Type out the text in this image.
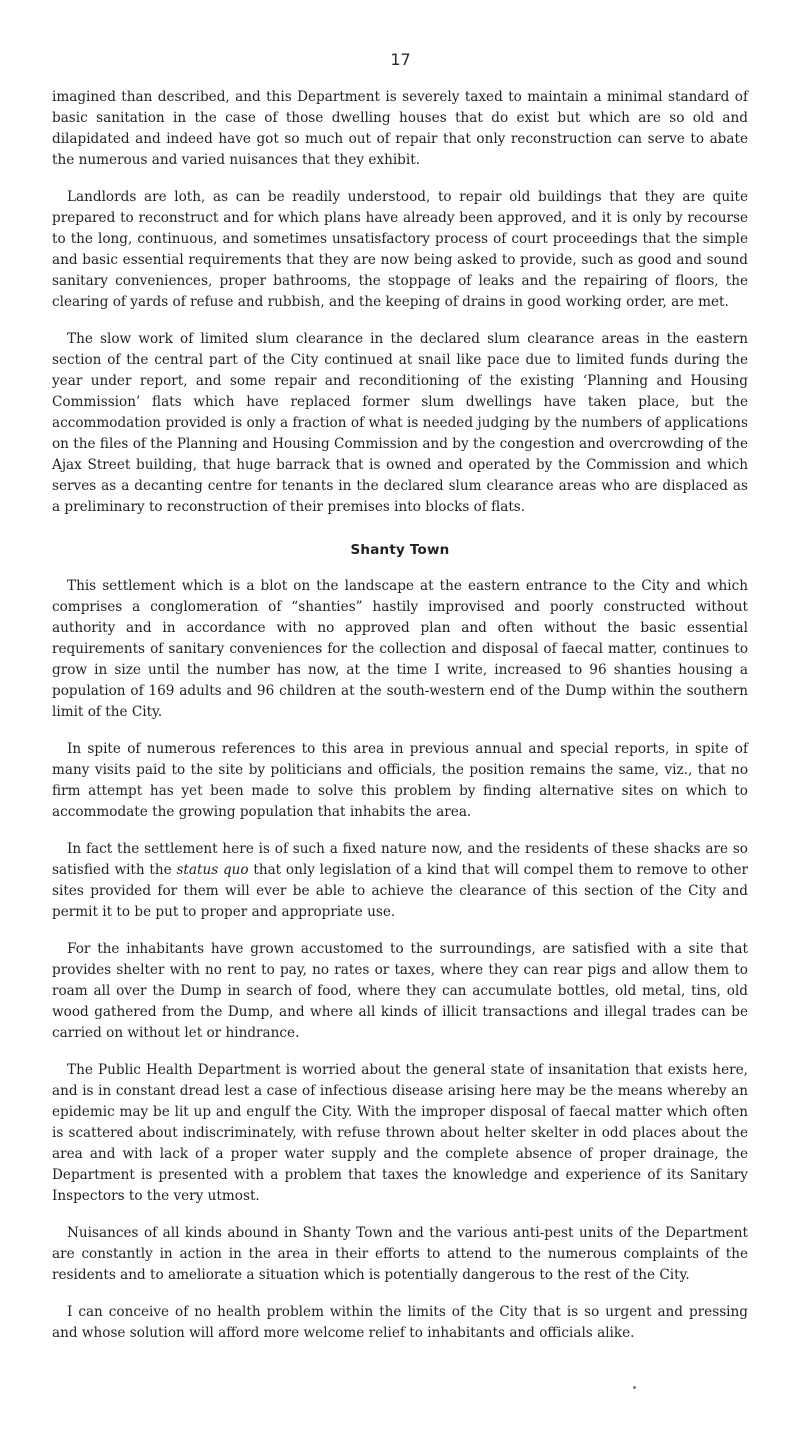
17

imagined than described, and this Department is severely taxed to maintain a minimal standard of basic sanitation in the case of those dwelling houses that do exist but which are so old and dilapidated and indeed have got so much out of repair that only reconstruction can serve to abate the numerous and varied nuisances that they exhibit.

Landlords are loth, as can be readily understood, to repair old buildings that they are quite prepared to reconstruct and for which plans have already been approved, and it is only by recourse to the long, continuous, and sometimes unsatisfactory process of court proceedings that the simple and basic essential requirements that they are now being asked to provide, such as good and sound sanitary conveniences, proper bathrooms, the stoppage of leaks and the repairing of floors, the clearing of yards of refuse and rubbish, and the keeping of drains in good working order, are met.

The slow work of limited slum clearance in the declared slum clearance areas in the eastern section of the central part of the City continued at snail like pace due to limited funds during the year under report, and some repair and reconditioning of the existing ‘Planning and Housing Commission’ flats which have replaced former slum dwellings have taken place, but the accommodation provided is only a fraction of what is needed judging by the numbers of applications on the files of the Planning and Housing Commission and by the congestion and overcrowding of the Ajax Street building, that huge barrack that is owned and operated by the Commission and which serves as a decanting centre for tenants in the declared slum clearance areas who are displaced as a preliminary to reconstruction of their premises into blocks of flats.

Shanty Town

This settlement which is a blot on the landscape at the eastern entrance to the City and which comprises a conglomeration of “shanties” hastily improvised and poorly constructed without authority and in accordance with no approved plan and often without the basic essential requirements of sanitary conveniences for the collection and disposal of faecal matter, continues to grow in size until the number has now, at the time I write, increased to 96 shanties housing a population of 169 adults and 96 children at the south-western end of the Dump within the southern limit of the City.

In spite of numerous references to this area in previous annual and special reports, in spite of many visits paid to the site by politicians and officials, the position remains the same, viz., that no firm attempt has yet been made to solve this problem by finding alternative sites on which to accommodate the growing population that inhabits the area.

In fact the settlement here is of such a fixed nature now, and the residents of these shacks are so satisfied with the status quo that only legislation of a kind that will compel them to remove to other sites provided for them will ever be able to achieve the clearance of this section of the City and permit it to be put to proper and appropriate use.

For the inhabitants have grown accustomed to the surroundings, are satisfied with a site that provides shelter with no rent to pay, no rates or taxes, where they can rear pigs and allow them to roam all over the Dump in search of food, where they can accumulate bottles, old metal, tins, old wood gathered from the Dump, and where all kinds of illicit transactions and illegal trades can be carried on without let or hindrance.

The Public Health Department is worried about the general state of insanitation that exists here, and is in constant dread lest a case of infectious disease arising here may be the means whereby an epidemic may be lit up and engulf the City. With the improper disposal of faecal matter which often is scattered about indiscriminately, with refuse thrown about helter skelter in odd places about the area and with lack of a proper water supply and the complete absence of proper drainage, the Department is presented with a problem that taxes the knowledge and experience of its Sanitary Inspectors to the very utmost.

Nuisances of all kinds abound in Shanty Town and the various anti-pest units of the Department are constantly in action in the area in their efforts to attend to the numerous complaints of the residents and to ameliorate a situation which is potentially dangerous to the rest of the City.

I can conceive of no health problem within the limits of the City that is so urgent and pressing and whose solution will afford more welcome relief to inhabitants and officials alike.
